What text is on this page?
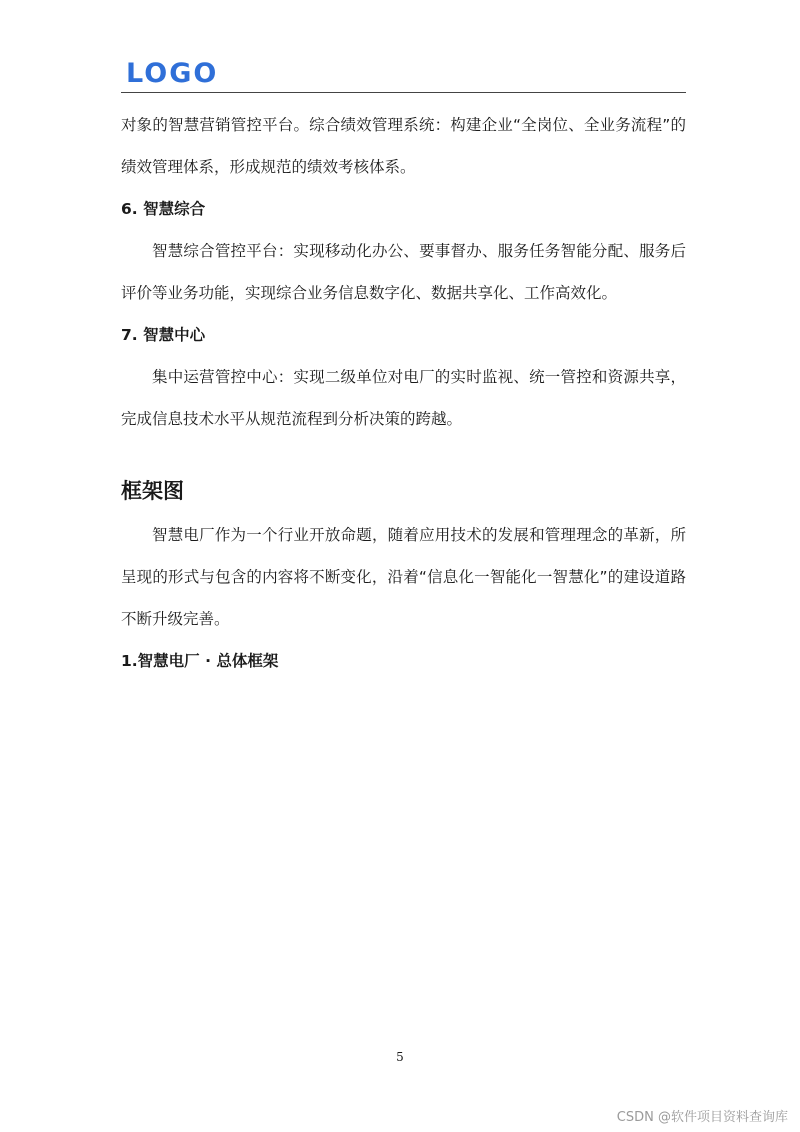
LOGO

对象的智慧营销管控平台。综合绩效管理系统：构建企业“全岗位、全业务流程”的绩效管理体系，形成规范的绩效考核体系。

6. 智慧综合

智慧综合管控平台：实现移动化办公、要事督办、服务任务智能分配、服务后评价等业务功能，实现综合业务信息数字化、数据共享化、工作高效化。

7. 智慧中心

集中运营管控中心：实现二级单位对电厂的实时监视、统一管控和资源共享，完成信息技术水平从规范流程到分析决策的跨越。

框架图

智慧电厂作为一个行业开放命题，随着应用技术的发展和管理理念的革新，所呈现的形式与包含的内容将不断变化，沿着“信息化一智能化一智慧化”的建设道路不断升级完善。

1.智慧电厂 · 总体框架

5
CSDN @软件项目资料查询库
